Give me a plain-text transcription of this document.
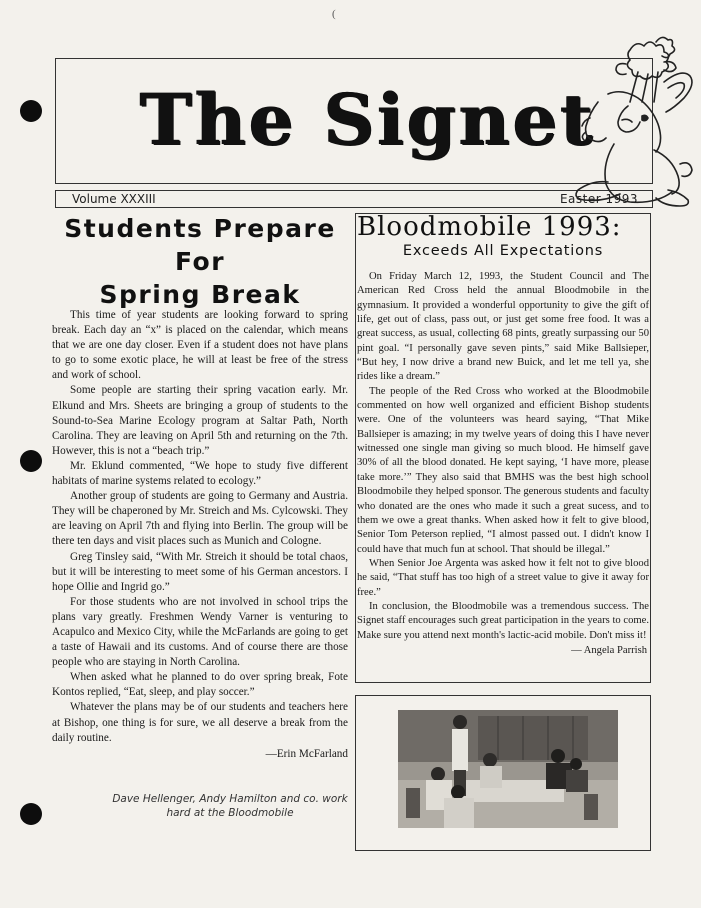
(
The Signet
Volume XXXIII	Easter 1993
Students Prepare
For
Spring Break

This time of year students are looking forward to spring break. Each day an “x” is placed on the calendar, which means that we are one day closer. Even if a student does not have plans to go to some exotic place, he will at least be free of the stress and work of school.

Some people are starting their spring vacation early. Mr. Elkund and Mrs. Sheets are bringing a group of students to the Sound-to-Sea Marine Ecology program at Saltar Path, North Carolina. They are leaving on April 5th and returning on the 7th. However, this is not a “beach trip.”

Mr. Eklund commented, “We hope to study five different habitats of marine systems related to ecology.”

Another group of students are going to Germany and Austria. They will be chaperoned by Mr. Streich and Ms. Cylcowski. They are leaving on April 7th and flying into Berlin. The group will be there ten days and visit places such as Munich and Cologne.

Greg Tinsley said, “With Mr. Streich it should be total chaos, but it will be interesting to meet some of his German ancestors. I hope Ollie and Ingrid go.”

For those students who are not involved in school trips the plans vary greatly. Freshmen Wendy Varner is venturing to Acapulco and Mexico City, while the McFarlands are going to get a taste of Hawaii and its customs. And of course there are those people who are staying in North Carolina.

When asked what he planned to do over spring break, Fote Kontos replied, “Eat, sleep, and play soccer.”

Whatever the plans may be of our students and teachers here at Bishop, one thing is for sure, we all deserve a break from the daily routine.

—Erin McFarland
Bloodmobile 1993:
Exceeds All Expectations

On Friday March 12, 1993, the Student Council and The American Red Cross held the annual Bloodmobile in the gymnasium. It provided a wonderful opportunity to give the gift of life, get out of class, pass out, or just get some free food. It was a great success, as usual, collecting 68 pints, greatly surpassing our 50 pint goal. “I personally gave seven pints,” said Mike Ballsieper, “But hey, I now drive a brand new Buick, and let me tell ya, she rides like a dream.”

The people of the Red Cross who worked at the Bloodmobile commented on how well organized and efficient Bishop students were. One of the volunteers was heard saying, “That Mike Ballsieper is amazing; in my twelve years of doing this I have never witnessed one single man giving so much blood. He himself gave 30% of all the blood donated. He kept saying, ‘I have more, please take more.’” They also said that BMHS was the best high school Bloodmobile they helped sponsor. The generous students and faculty who donated are the ones who made it such a great sucess, and to them we owe a great thanks. When asked how it felt to give blood, Senior Tom Peterson replied, “I almost passed out. I didn't know I could have that much fun at school. That should be illegal.”

When Senior Joe Argenta was asked how it felt not to give blood he said, “That stuff has too high of a street value to give it away for free.”

In conclusion, the Bloodmobile was a tremendous success. The Signet staff encourages such great participation in the years to come. Make sure you attend next month's lactic-acid mobile. Don't miss it!

— Angela Parrish
Dave Hellenger, Andy Hamilton and co. work
hard at the Bloodmobile
